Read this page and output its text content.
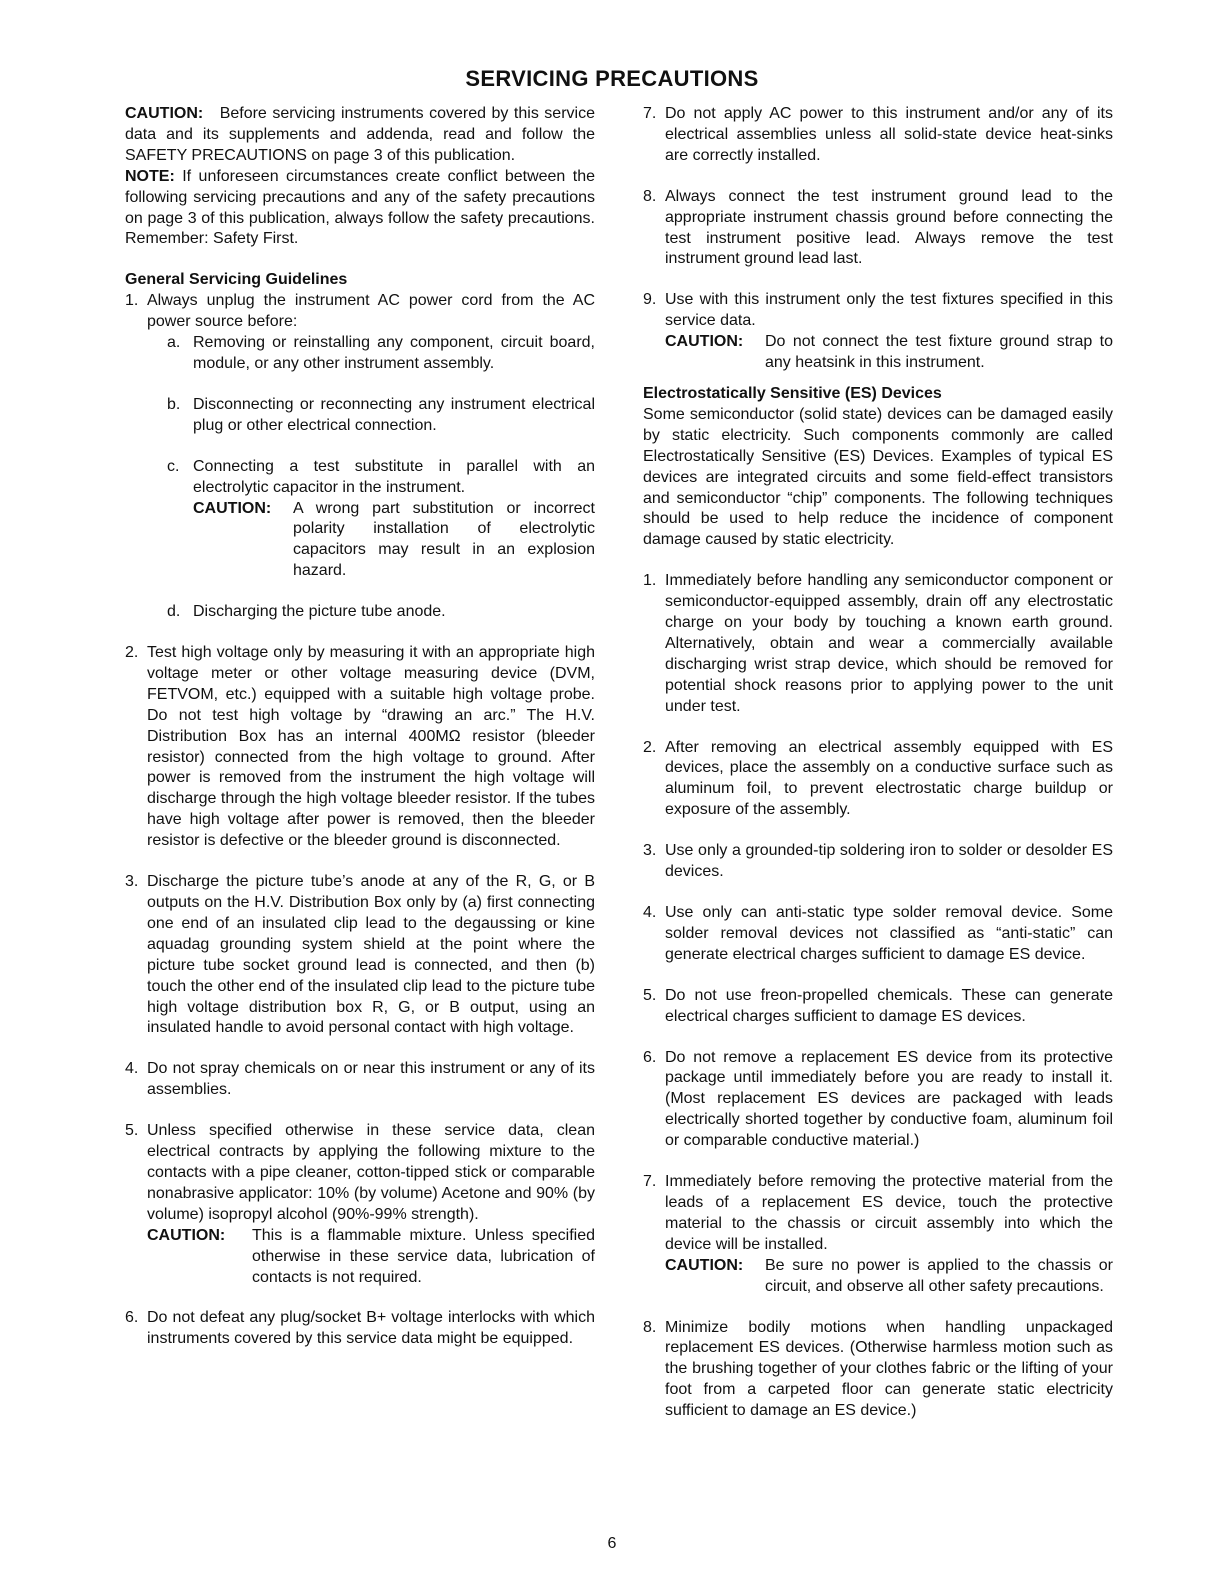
SERVICING PRECAUTIONS

CAUTION: Before servicing instruments covered by this service data and its supplements and addenda, read and follow the SAFETY PRECAUTIONS on page 3 of this publication.

NOTE: If unforeseen circumstances create conflict between the following servicing precautions and any of the safety precautions on page 3 of this publication, always follow the safety precautions. Remember: Safety First.

General Servicing Guidelines
1. Always unplug the instrument AC power cord from the AC power source before:
a. Removing or reinstalling any component, circuit board, module, or any other instrument assembly.
b. Disconnecting or reconnecting any instrument electrical plug or other electrical connection.
c. Connecting a test substitute in parallel with an electrolytic capacitor in the instrument.
CAUTION:	A wrong part substitution or incorrect polarity installation of electrolytic capacitors may result in an explosion hazard.
d. Discharging the picture tube anode.
2. Test high voltage only by measuring it with an appropriate high voltage meter or other voltage measuring device (DVM, FETVOM, etc.) equipped with a suitable high voltage probe. Do not test high voltage by “drawing an arc.” The H.V. Distribution Box has an internal 400MΩ resistor (bleeder resistor) connected from the high voltage to ground. After power is removed from the instrument the high voltage will discharge through the high voltage bleeder resistor. If the tubes have high voltage after power is removed, then the bleeder resistor is defective or the bleeder ground is disconnected.
3. Discharge the picture tube’s anode at any of the R, G, or B outputs on the H.V. Distribution Box only by (a) first connecting one end of an insulated clip lead to the degaussing or kine aquadag grounding system shield at the point where the picture tube socket ground lead is connected, and then (b) touch the other end of the insulated clip lead to the picture tube high voltage distribution box R, G, or B output, using an insulated handle to avoid personal contact with high voltage.
4. Do not spray chemicals on or near this instrument or any of its assemblies.
5. Unless specified otherwise in these service data, clean electrical contracts by applying the following mixture to the contacts with a pipe cleaner, cotton-tipped stick or comparable nonabrasive applicator: 10% (by volume) Acetone and 90% (by volume) isopropyl alcohol (90%-99% strength).
CAUTION:	This is a flammable mixture. Unless specified otherwise in these service data, lubrication of contacts is not required.
6. Do not defeat any plug/socket B+ voltage interlocks with which instruments covered by this service data might be equipped.
7. Do not apply AC power to this instrument and/or any of its electrical assemblies unless all solid-state device heat-sinks are correctly installed.
8. Always connect the test instrument ground lead to the appropriate instrument chassis ground before connecting the test instrument positive lead. Always remove the test instrument ground lead last.
9. Use with this instrument only the test fixtures specified in this service data.
CAUTION:	Do not connect the test fixture ground strap to any heatsink in this instrument.
Electrostatically Sensitive (ES) Devices

Some semiconductor (solid state) devices can be damaged easily by static electricity. Such components commonly are called Electrostatically Sensitive (ES) Devices. Examples of typical ES devices are integrated circuits and some field-effect transistors and semiconductor “chip” components. The following techniques should be used to help reduce the incidence of component damage caused by static electricity.

1. Immediately before handling any semiconductor component or semiconductor-equipped assembly, drain off any electrostatic charge on your body by touching a known earth ground. Alternatively, obtain and wear a commercially available discharging wrist strap device, which should be removed for potential shock reasons prior to applying power to the unit under test.
2. After removing an electrical assembly equipped with ES devices, place the assembly on a conductive surface such as aluminum foil, to prevent electrostatic charge buildup or exposure of the assembly.
3. Use only a grounded-tip soldering iron to solder or desolder ES devices.
4. Use only can anti-static type solder removal device. Some solder removal devices not classified as “anti-static” can generate electrical charges sufficient to damage ES device.
5. Do not use freon-propelled chemicals. These can generate electrical charges sufficient to damage ES devices.
6. Do not remove a replacement ES device from its protective package until immediately before you are ready to install it. (Most replacement ES devices are packaged with leads electrically shorted together by conductive foam, aluminum foil or comparable conductive material.)
7. Immediately before removing the protective material from the leads of a replacement ES device, touch the protective material to the chassis or circuit assembly into which the device will be installed.
CAUTION:	Be sure no power is applied to the chassis or circuit, and observe all other safety precautions.
8. Minimize bodily motions when handling unpackaged replacement ES devices. (Otherwise harmless motion such as the brushing together of your clothes fabric or the lifting of your foot from a carpeted floor can generate static electricity sufficient to damage an ES device.)
6
